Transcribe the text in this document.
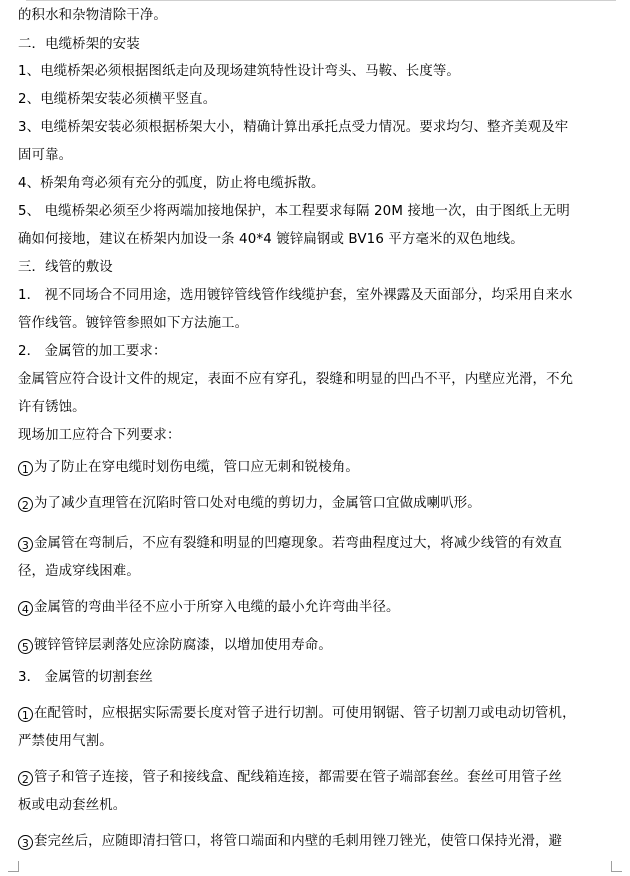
的积水和杂物清除干净。
二．电缆桥架的安装
1、电缆桥架必须根据图纸走向及现场建筑特性设计弯头、马鞍、长度等。
2、电缆桥架安装必须横平竖直。
3、电缆桥架安装必须根据桥架大小，精确计算出承托点受力情况。要求均匀、整齐美观及牢
固可靠。
4、桥架角弯必须有充分的弧度，防止将电缆拆散。
5、 电缆桥架必须至少将两端加接地保护，本工程要求每隔 20M 接地一次，由于图纸上无明
确如何接地，建议在桥架内加设一条 40*4 镀锌扁钢或 BV16 平方毫米的双色地线。
三．线管的敷设
1． 视不同场合不同用途，选用镀锌管线管作线缆护套，室外裸露及天面部分，均采用自来水
管作线管。镀锌管参照如下方法施工。
2． 金属管的加工要求：
金属管应符合设计文件的规定，表面不应有穿孔，裂缝和明显的凹凸不平，内壁应光滑，不允
许有锈蚀。
现场加工应符合下列要求：
1 为了防止在穿电缆时划伤电缆，管口应无刺和锐棱角。
2 为了减少直理管在沉陷时管口处对电缆的剪切力，金属管口宜做成喇叭形。
3 金属管在弯制后，不应有裂缝和明显的凹瘪现象。若弯曲程度过大，将减少线管的有效直
径，造成穿线困难。
4 金属管的弯曲半径不应小于所穿入电缆的最小允许弯曲半径。
5 镀锌管锌层剥落处应涂防腐漆，以增加使用寿命。
3． 金属管的切割套丝
1 在配管时，应根据实际需要长度对管子进行切割。可使用钢锯、管子切割刀或电动切管机，
严禁使用气割。
2 管子和管子连接，管子和接线盒、配线箱连接，都需要在管子端部套丝。套丝可用管子丝
板或电动套丝机。
3 套完丝后，应随即清扫管口，将管口端面和内壁的毛刺用锉刀锉光，使管口保持光滑，避
